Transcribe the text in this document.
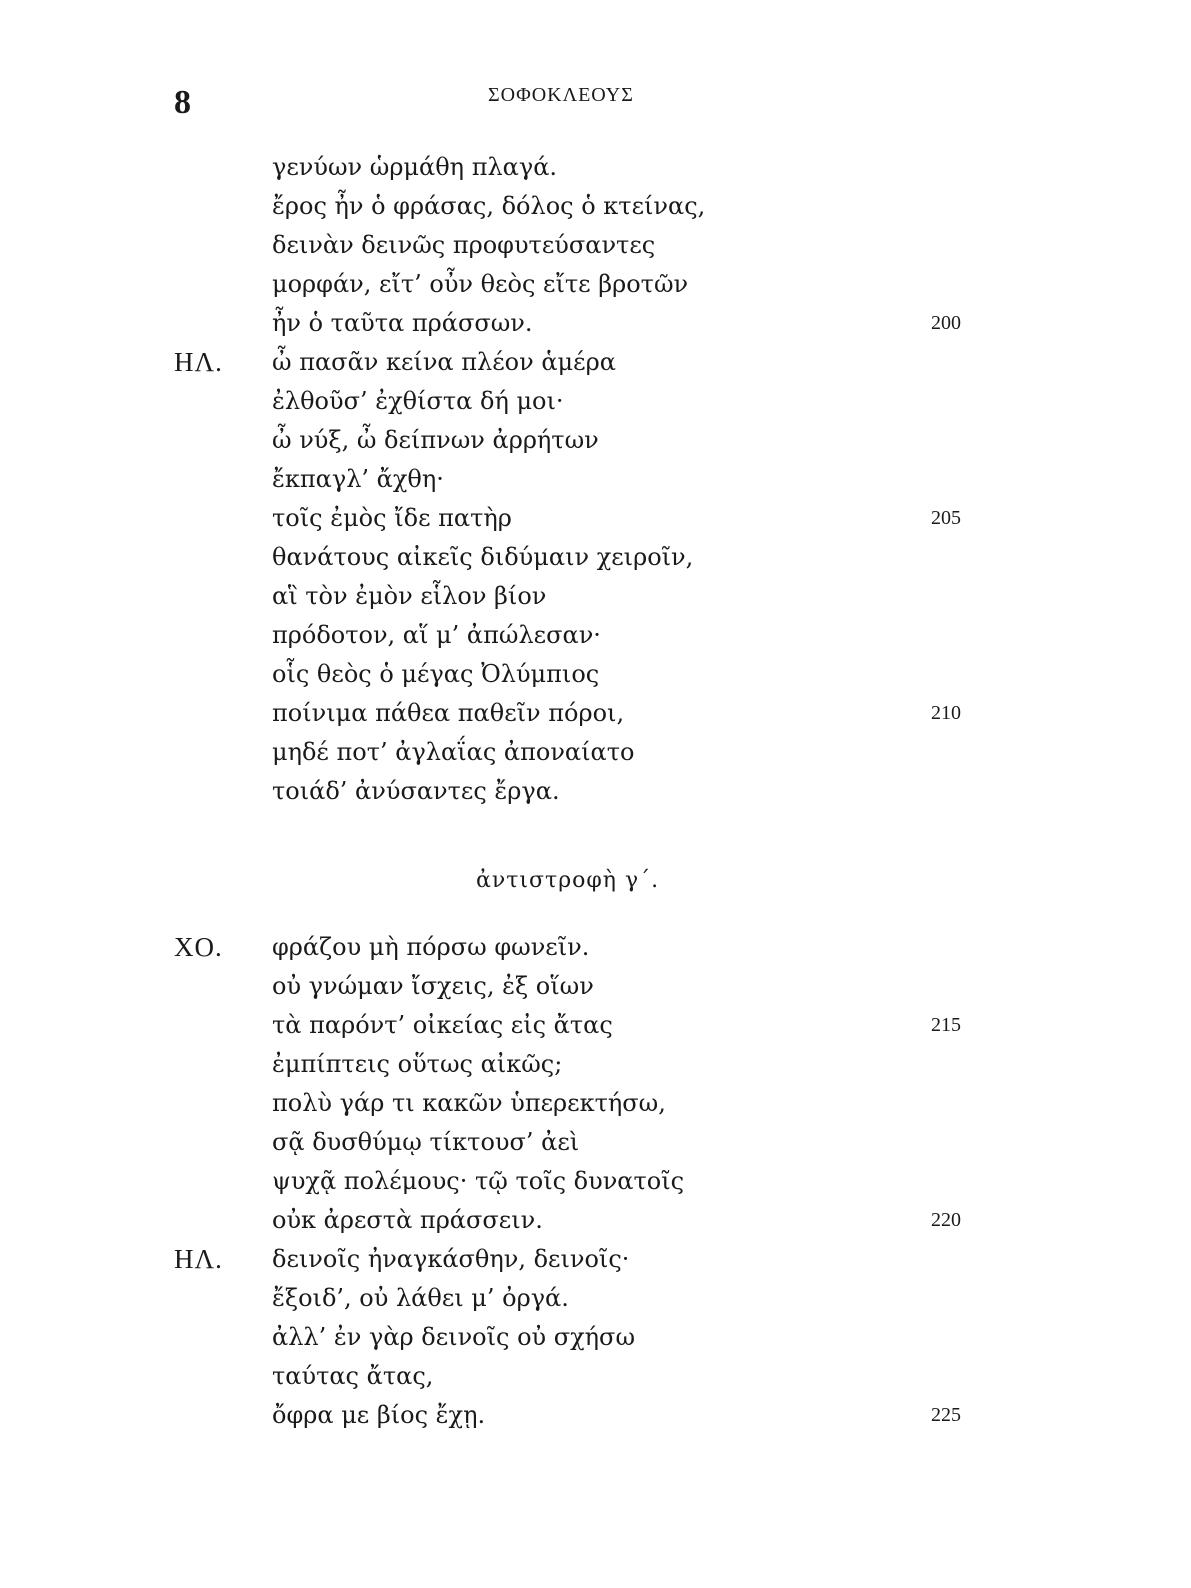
8	ΣΟΦΟΚΛΕΟΥΣ
γενύων ὡρμάθη πλαγά.
ἔρος ἦν ὁ φράσας, δόλος ὁ κτείνας,
δεινὰν δεινῶς προφυτεύσαντες
μορφάν, εἴτ’ οὖν θεὸς εἴτε βροτῶν
ἦν ὁ ταῦτα πράσσων.	200
ΗΛ. ὦ πασᾶν κείνα πλέον ἁμέρα
ἐλθοῦσ’ ἐχθίστα δή μοι·
ὦ νύξ, ὦ δείπνων ἀρρήτων
ἔκπαγλ’ ἄχθη·
τοῖς ἐμὸς ἴδε πατὴρ	205
θανάτους αἰκεῖς διδύμαιν χειροῖν,
αἳ τὸν ἐμὸν εἷλον βίον
πρόδοτον, αἵ μ’ ἀπώλεσαν·
οἷς θεὸς ὁ μέγας Ὀλύμπιος
ποίνιμα πάθεα παθεῖν πόροι,	210
μηδέ ποτ’ ἀγλαΐας ἀποναίατο
τοιάδ’ ἀνύσαντες ἔργα.
ἀντιστροφὴ γ΄.
ΧΟ. φράζου μὴ πόρσω φωνεῖν.
οὐ γνώμαν ἴσχεις, ἐξ οἵων
τὰ παρόντ’ οἰκείας εἰς ἄτας	215
ἐμπίπτεις οὕτως αἰκῶς;
πολὺ γάρ τι κακῶν ὑπερεκτήσω,
σᾷ δυσθύμῳ τίκτουσ’ ἀεὶ
ψυχᾷ πολέμους· τῷ τοῖς δυνατοῖς
οὐκ ἀρεστὰ πράσσειν.	220
ΗΛ. δεινοῖς ἠναγκάσθην, δεινοῖς·
ἔξοιδ’, οὐ λάθει μ’ ὀργά.
ἀλλ’ ἐν γὰρ δεινοῖς οὐ σχήσω
ταύτας ἄτας,
ὄφρα με βίος ἔχῃ.	225
